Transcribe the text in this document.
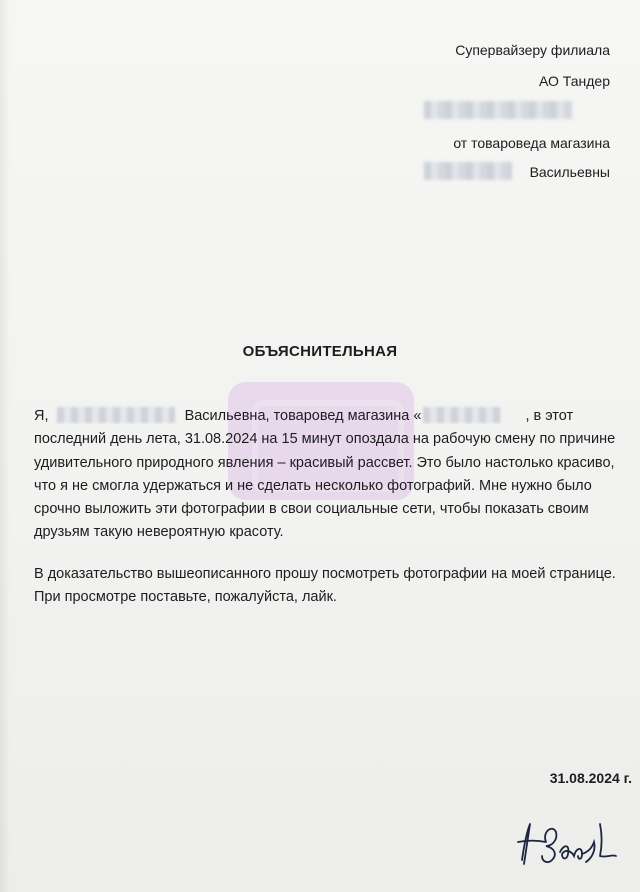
Супервайзеру филиала
АО Тандер
от товароведа магазина
Васильевны
ОБЪЯСНИТЕЛЬНАЯ
Я,	Васильевна, товаровед магазина «	, в этот
последний день лета, 31.08.2024 на 15 минут опоздала на рабочую смену по причине удивительного природного явления – красивый рассвет. Это было настолько красиво, что я не смогла удержаться и не сделать несколько фотографий. Мне нужно было срочно выложить эти фотографии в свои социальные сети, чтобы показать своим друзьям такую невероятную красоту.
В доказательство вышеописанного прошу посмотреть фотографии на моей странице. При просмотре поставьте, пожалуйста, лайк.
31.08.2024 г.
